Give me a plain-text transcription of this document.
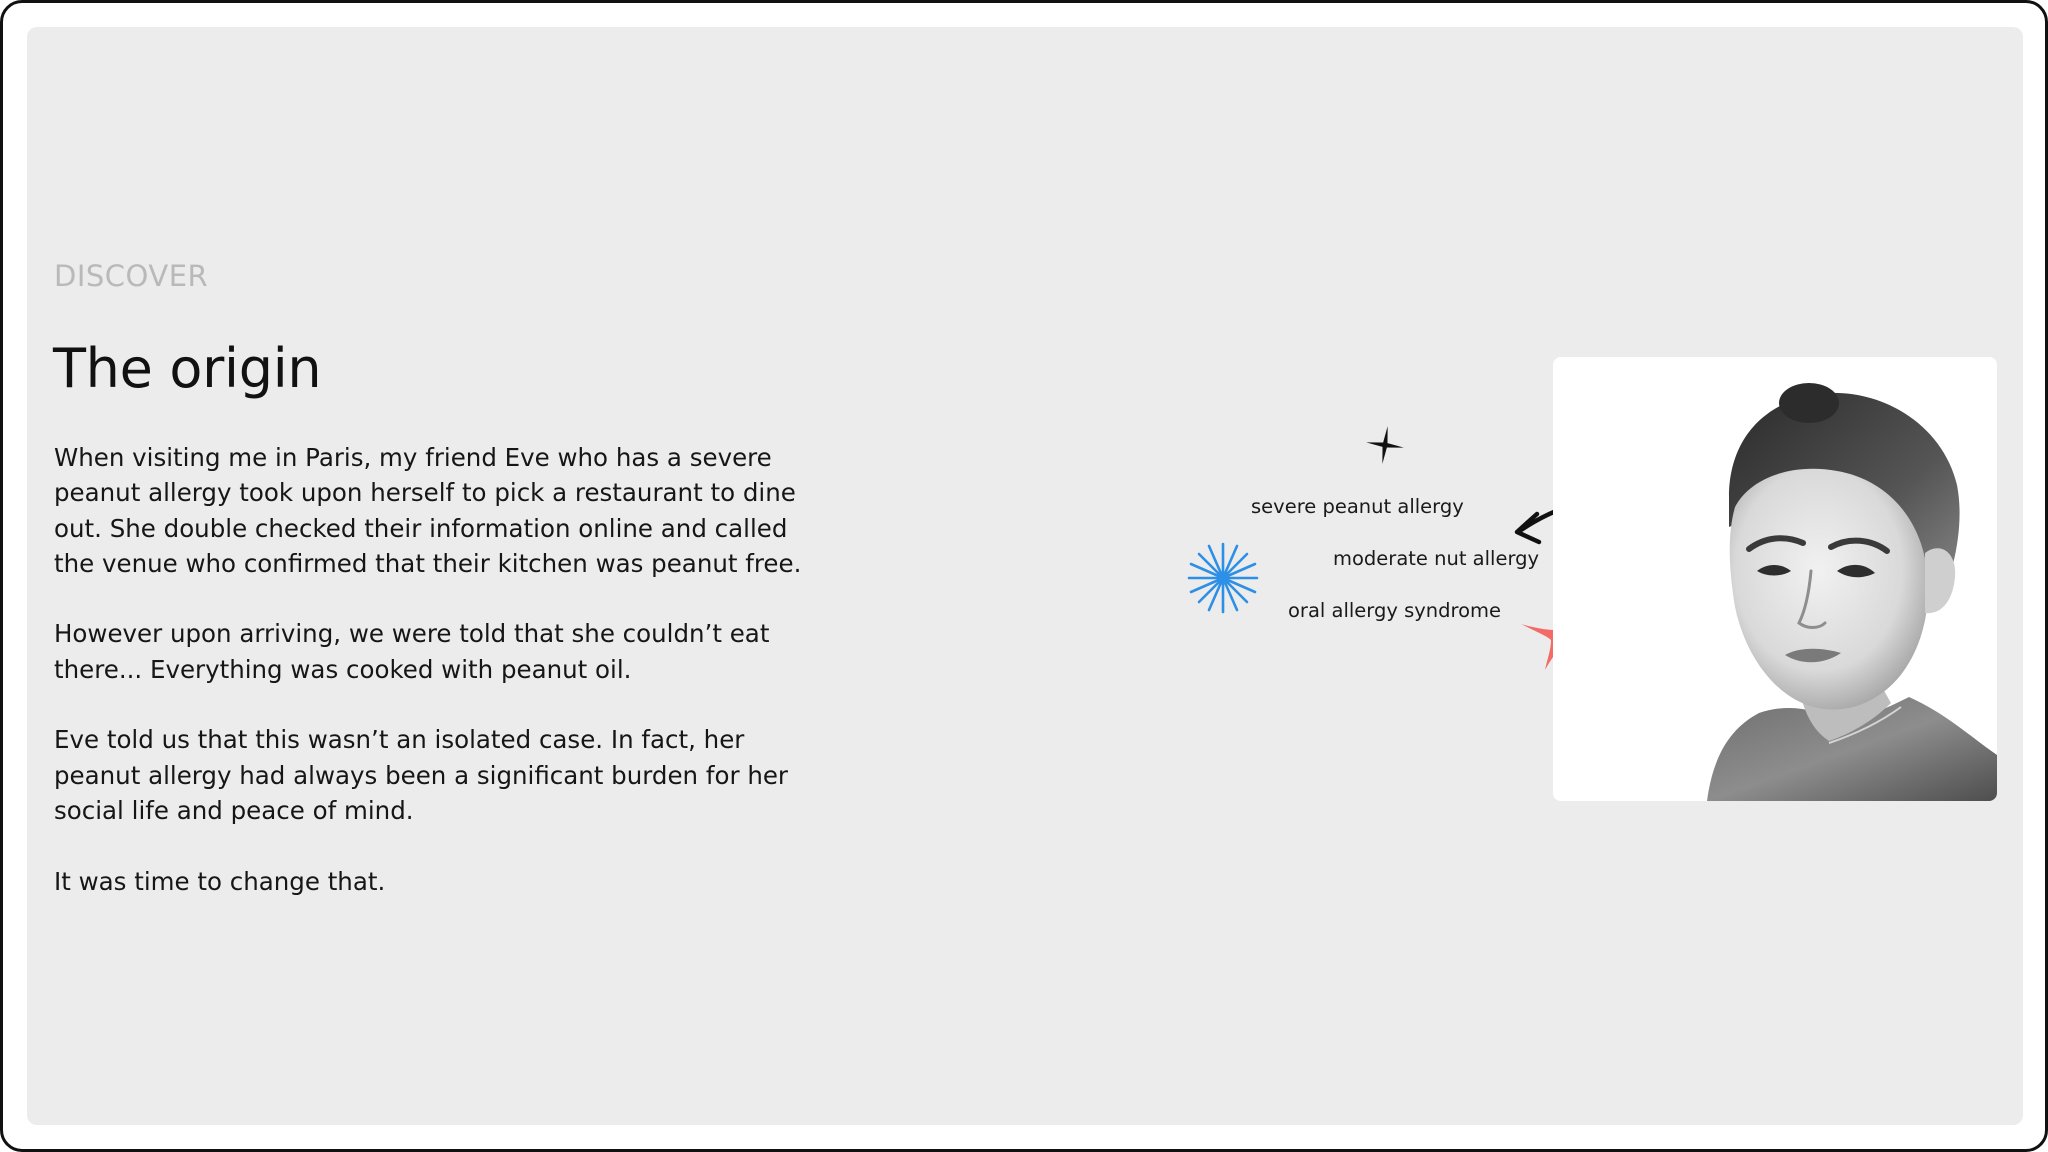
DISCOVER
The origin

When visiting me in Paris, my friend Eve who has a severe peanut allergy took upon herself to pick a restaurant to dine out. She double checked their information online and called the venue who confirmed that their kitchen was peanut free.

However upon arriving, we were told that she couldn’t eat there... Everything was cooked with peanut oil.

Eve told us that this wasn’t an isolated case. In fact, her peanut allergy had always been a significant burden for her social life and peace of mind.

It was time to change that.

severe peanut allergy
moderate nut allergy
oral allergy syndrome
